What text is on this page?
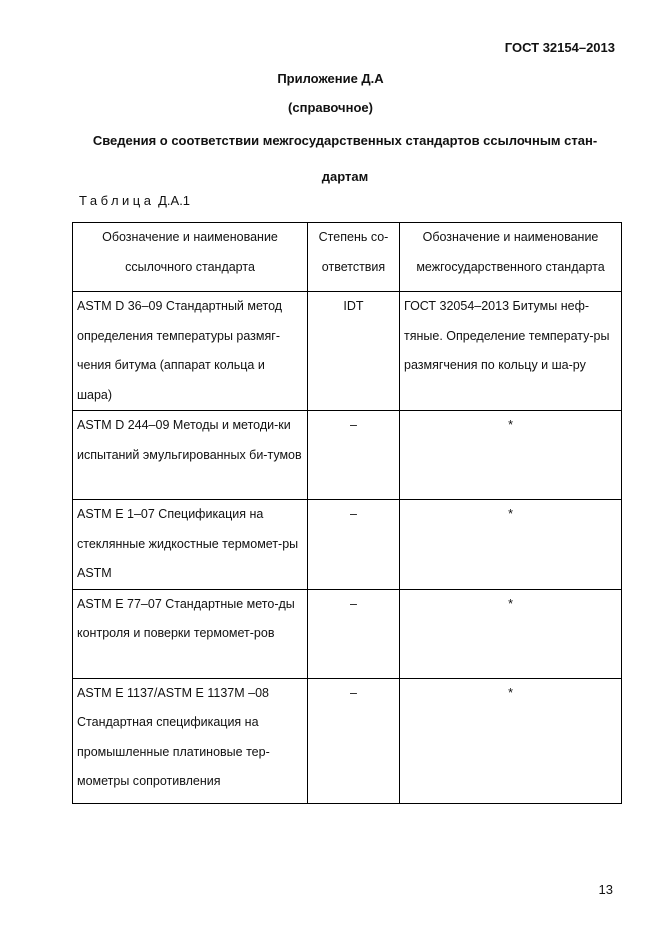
ГОСТ 32154–2013
Приложение Д.А
(справочное)
Сведения о соответствии межгосударственных стандартов ссылочным стан-
дартам
Таблица Д.А.1
Обозначение и наименование ссылочного стандарта	Степень со-ответствия	Обозначение и наименование межгосударственного стандарта
ASTM D 36–09 Стандартный метод определения температуры размяг-чения битума (аппарат кольца и шара)	IDT	ГОСТ 32054–2013 Битумы неф-тяные. Определение температу-ры размягчения по кольцу и ша-ру
ASTM D 244–09 Методы и методи-ки испытаний эмульгированных би-тумов	–	*
ASTM E 1–07 Спецификация на стеклянные жидкостные термомет-ры ASTM	–	*
ASTM E 77–07 Стандартные мето-ды контроля и поверки термомет-ров	–	*
ASTM E 1137/ASTM E 1137M –08 Стандартная спецификация на промышленные платиновые тер-мометры сопротивления	–	*
13
